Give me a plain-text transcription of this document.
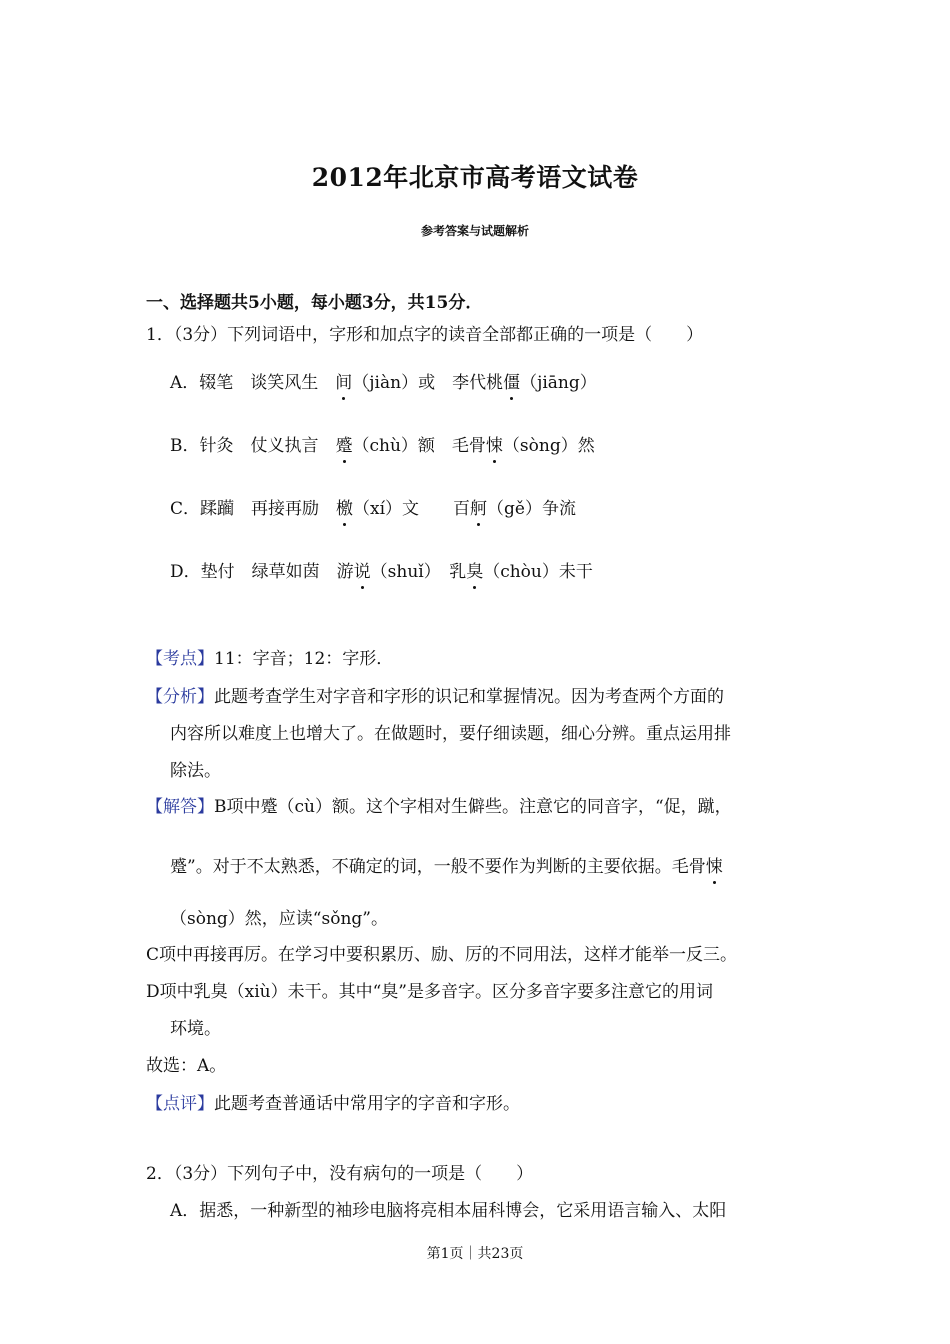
2012年北京市高考语文试卷
参考答案与试题解析
一、选择题共5小题，每小题3分，共15分．
1．（3分）下列词语中，字形和加点字的读音全部都正确的一项是（　　）
A．辍笔　谈笑风生　间（jiàn）或　李代桃僵（jiāng）
B．针灸　仗义执言　蹙（chù）额　毛骨悚（sòng）然
C．蹂躏　再接再励　檄（xí）文　　百舸（gě）争流
D．垫付　绿草如茵　游说（shuǐ）　乳臭（chòu）未干
【考点】11：字音；12：字形．
【分析】此题考查学生对字音和字形的识记和掌握情况。因为考查两个方面的
内容所以难度上也增大了。在做题时，要仔细读题，细心分辨。重点运用排
除法。
【解答】B项中蹙（cù）额。这个字相对生僻些。注意它的同音字，“促，蹴，
蹙”。对于不太熟悉，不确定的词，一般不要作为判断的主要依据。毛骨悚
（sòng）然，应读“sǒng”。
C项中再接再厉。在学习中要积累历、励、厉的不同用法，这样才能举一反三。
D项中乳臭（xiù）未干。其中“臭”是多音字。区分多音字要多注意它的用词
环境。
故选：A。
【点评】此题考查普通话中常用字的字音和字形。
2．（3分）下列句子中，没有病句的一项是（　　）
A．据悉，一种新型的袖珍电脑将亮相本届科博会，它采用语言输入、太阳
第1页｜共23页
